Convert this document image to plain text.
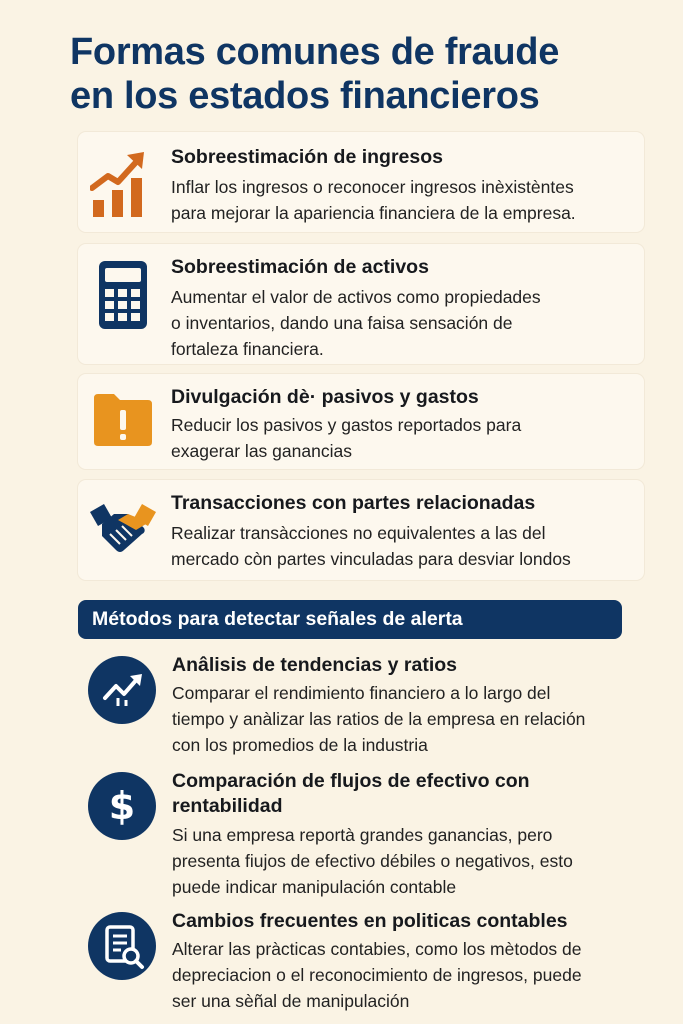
Formas comunes de fraude
en los estados financieros
Sobreestimación de ingresos
Inflar los ingresos o reconocer ingresos inèxistèntes
para mejorar la apariencia financiera de la empresa.
Sobreestimación de activos
Aumentar el valor de activos como propiedades
o inventarios, dando una faisa sensación de
fortaleza financiera.
Divulgación dè· pasivos y gastos
Reducir los pasivos y gastos reportados para
exagerar las ganancias
Transacciones con partes relacionadas
Realizar transàcciones no equivalentes a las del
mercado còn partes vinculadas para desviar londos
Métodos para detectar señales de alerta
Anâlisis de tendencias y ratios
Comparar el rendimiento financiero a lo largo del
tiempo y anàlizar las ratios de la empresa en relación
con los promedios de la industria
$
Comparación de flujos de efectivo con
rentabilidad
Si una empresa reportà grandes ganancias, pero
presenta fiujos de efectivo débiles o negativos, esto
puede indicar manipulación contable
Cambios frecuentes en politicas contables
Alterar las pràcticas contabies, como los mètodos de
depreciacion o el reconocimiento de ingresos, puede
ser una sèñal de manipulación
